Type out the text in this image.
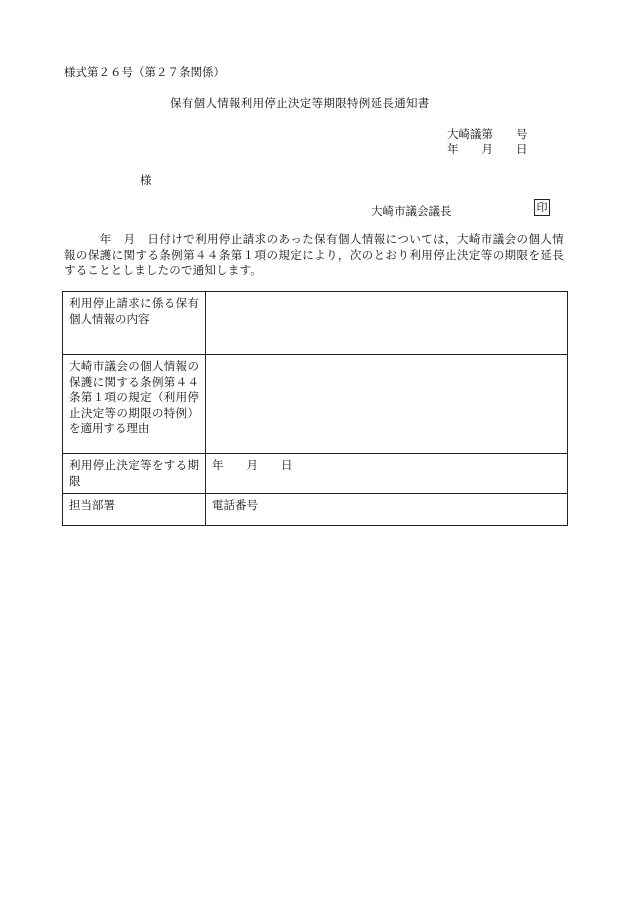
様式第２６号（第２７条関係）
保有個人情報利用停止決定等期限特例延長通知書
大崎議第　　号
年　　月　　日
様
大崎市議会議長	印
　　　年　月　日付けで利用停止請求のあった保有個人情報については，大崎市議会の個人情報の保護に関する条例第４４条第１項の規定により，次のとおり利用停止決定等の期限を延長することとしましたので通知します。
利用停止請求に係る保有個人情報の内容	
大崎市議会の個人情報の保護に関する条例第４４条第１項の規定（利用停止決定等の期限の特例）を適用する理由	
利用停止決定等をする期限	年　　月　　日
担当部署	電話番号
